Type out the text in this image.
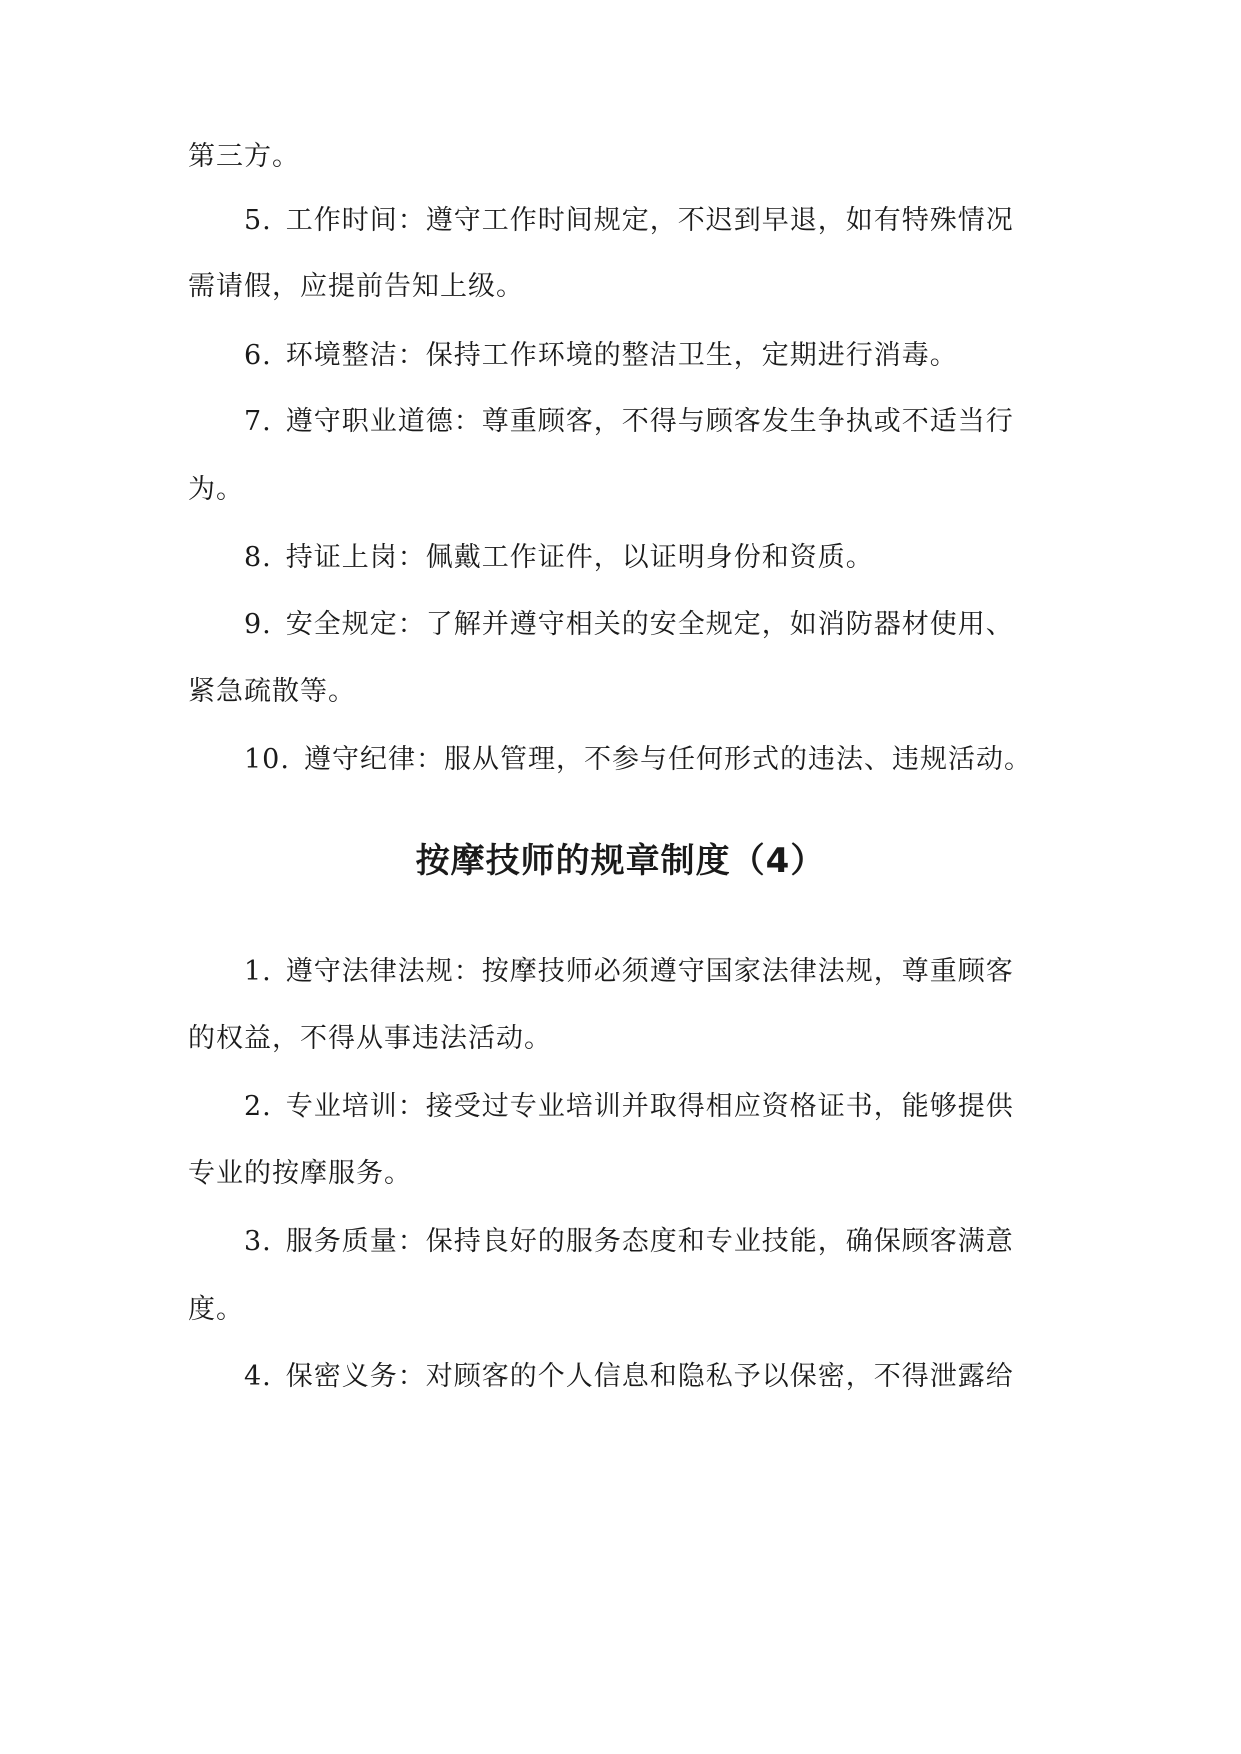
第三方。
5. 工作时间：遵守工作时间规定，不迟到早退，如有特殊情况
需请假，应提前告知上级。
6. 环境整洁：保持工作环境的整洁卫生，定期进行消毒。
7. 遵守职业道德：尊重顾客，不得与顾客发生争执或不适当行
为。
8. 持证上岗：佩戴工作证件，以证明身份和资质。
9. 安全规定：了解并遵守相关的安全规定，如消防器材使用、
紧急疏散等。
10. 遵守纪律：服从管理，不参与任何形式的违法、违规活动。
按摩技师的规章制度（4）
1. 遵守法律法规：按摩技师必须遵守国家法律法规，尊重顾客
的权益，不得从事违法活动。
2. 专业培训：接受过专业培训并取得相应资格证书，能够提供
专业的按摩服务。
3. 服务质量：保持良好的服务态度和专业技能，确保顾客满意
度。
4. 保密义务：对顾客的个人信息和隐私予以保密，不得泄露给
